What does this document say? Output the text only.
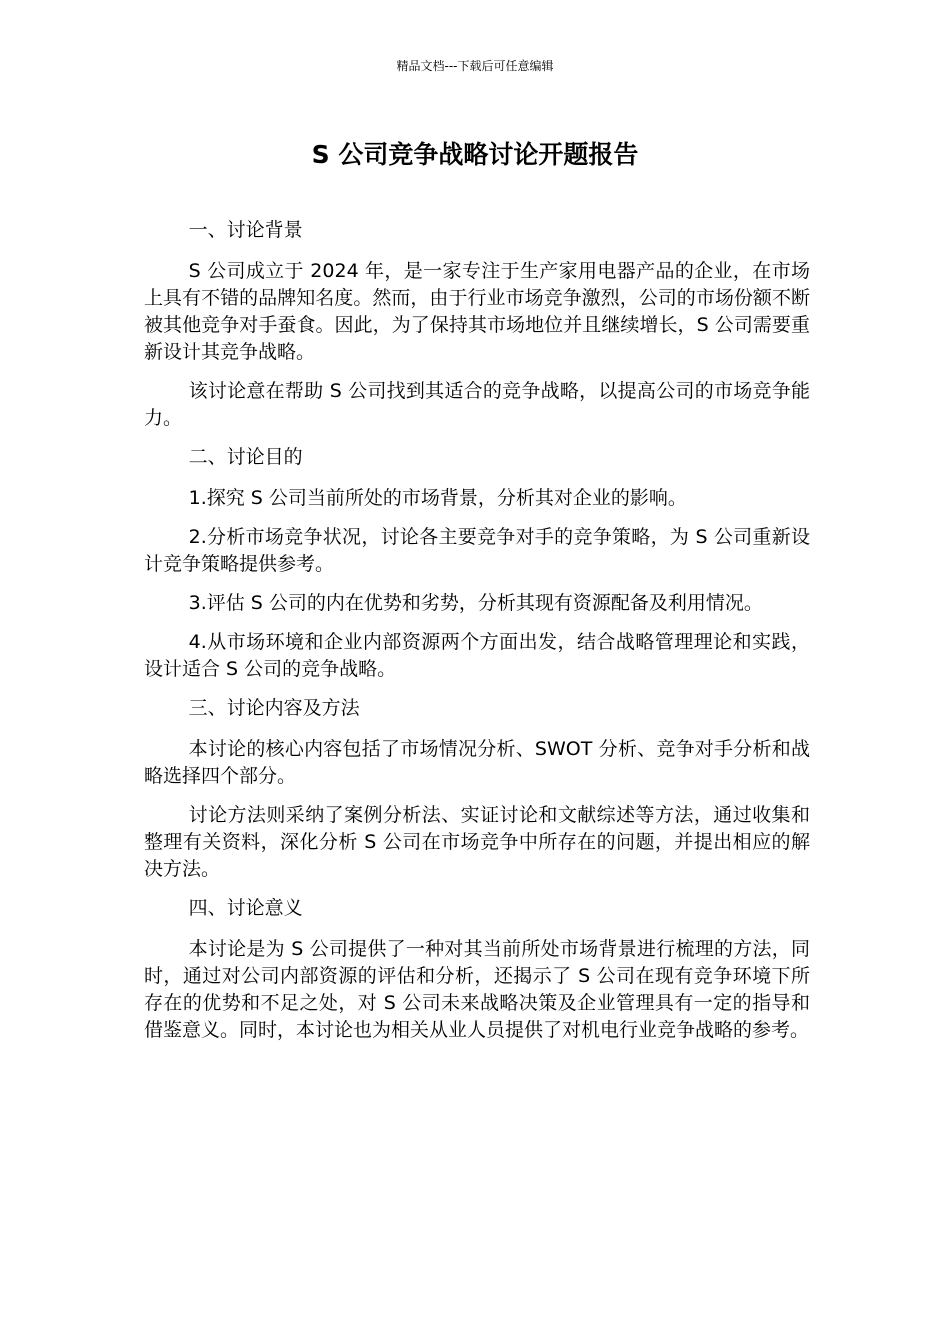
精品文档---下载后可任意编辑
S 公司竞争战略讨论开题报告

一、讨论背景

S 公司成立于 2024 年，是一家专注于生产家用电器产品的企业，在市场上具有不错的品牌知名度。然而，由于行业市场竞争激烈，公司的市场份额不断被其他竞争对手蚕食。因此，为了保持其市场地位并且继续增长，S 公司需要重新设计其竞争战略。

该讨论意在帮助 S 公司找到其适合的竞争战略，以提高公司的市场竞争能力。

二、讨论目的

1.探究 S 公司当前所处的市场背景，分析其对企业的影响。

2.分析市场竞争状况，讨论各主要竞争对手的竞争策略，为 S 公司重新设计竞争策略提供参考。

3.评估 S 公司的内在优势和劣势，分析其现有资源配备及利用情况。

4.从市场环境和企业内部资源两个方面出发，结合战略管理理论和实践，设计适合 S 公司的竞争战略。

三、讨论内容及方法

本讨论的核心内容包括了市场情况分析、SWOT 分析、竞争对手分析和战略选择四个部分。

讨论方法则采纳了案例分析法、实证讨论和文献综述等方法，通过收集和整理有关资料，深化分析 S 公司在市场竞争中所存在的问题，并提出相应的解决方法。

四、讨论意义

本讨论是为 S 公司提供了一种对其当前所处市场背景进行梳理的方法，同时，通过对公司内部资源的评估和分析，还揭示了 S 公司在现有竞争环境下所存在的优势和不足之处，对 S 公司未来战略决策及企业管理具有一定的指导和借鉴意义。同时，本讨论也为相关从业人员提供了对机电行业竞争战略的参考。
